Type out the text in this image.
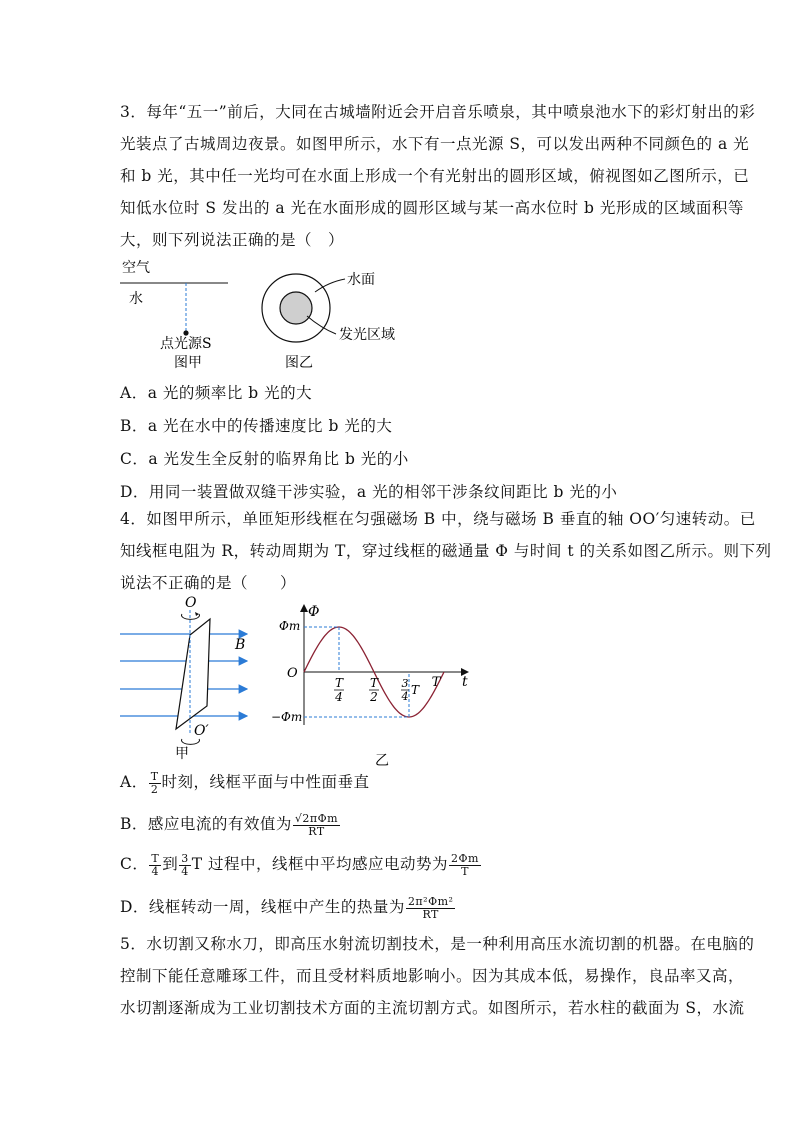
3．每年“五一”前后，大同在古城墙附近会开启音乐喷泉，其中喷泉池水下的彩灯射出的彩
光装点了古城周边夜景。如图甲所示，水下有一点光源 S，可以发出两种不同颜色的 a 光
和 b 光，其中任一光均可在水面上形成一个有光射出的圆形区域，俯视图如乙图所示，已
知低水位时 S 发出的 a 光在水面形成的圆形区域与某一高水位时 b 光形成的区域面积等
大，则下列说法正确的是（　）
空气
水
点光源S
图甲
水面
发光区域
图乙
A．a 光的频率比 b 光的大
B．a 光在水中的传播速度比 b 光的大
C．a 光发生全反射的临界角比 b 光的小
D．用同一装置做双缝干涉实验，a 光的相邻干涉条纹间距比 b 光的小
4．如图甲所示，单匝矩形线框在匀强磁场 B 中，绕与磁场 B 垂直的轴 OO′匀速转动。已
知线框电阻为 R，转动周期为 T，穿过线框的磁通量 Φ 与时间 t 的关系如图乙所示。则下列
说法不正确的是（　　）
B
O
O′
甲
Φ
t
O
Φm
−Φm
T
4
T
2
3
4 T T
乙
A． $\frac{T}{2}$ 时刻，线框平面与中性面垂直
B．感应电流的有效值为 $\frac{\text{√2πΦm}}{RT}$
C． $\frac{T}{4}$ 到 $\frac{3}{4}$ T 过程中，线框中平均感应电动势为 $\frac{2\Phi m}{T}$
D．线框转动一周，线框中产生的热量为 $\frac{\text{2π²Φm²}}{RT}$
5．水切割又称水刀，即高压水射流切割技术，是一种利用高压水流切割的机器。在电脑的
控制下能任意雕琢工件，而且受材料质地影响小。因为其成本低，易操作，良品率又高，
水切割逐渐成为工业切割技术方面的主流切割方式。如图所示，若水柱的截面为 S，水流
